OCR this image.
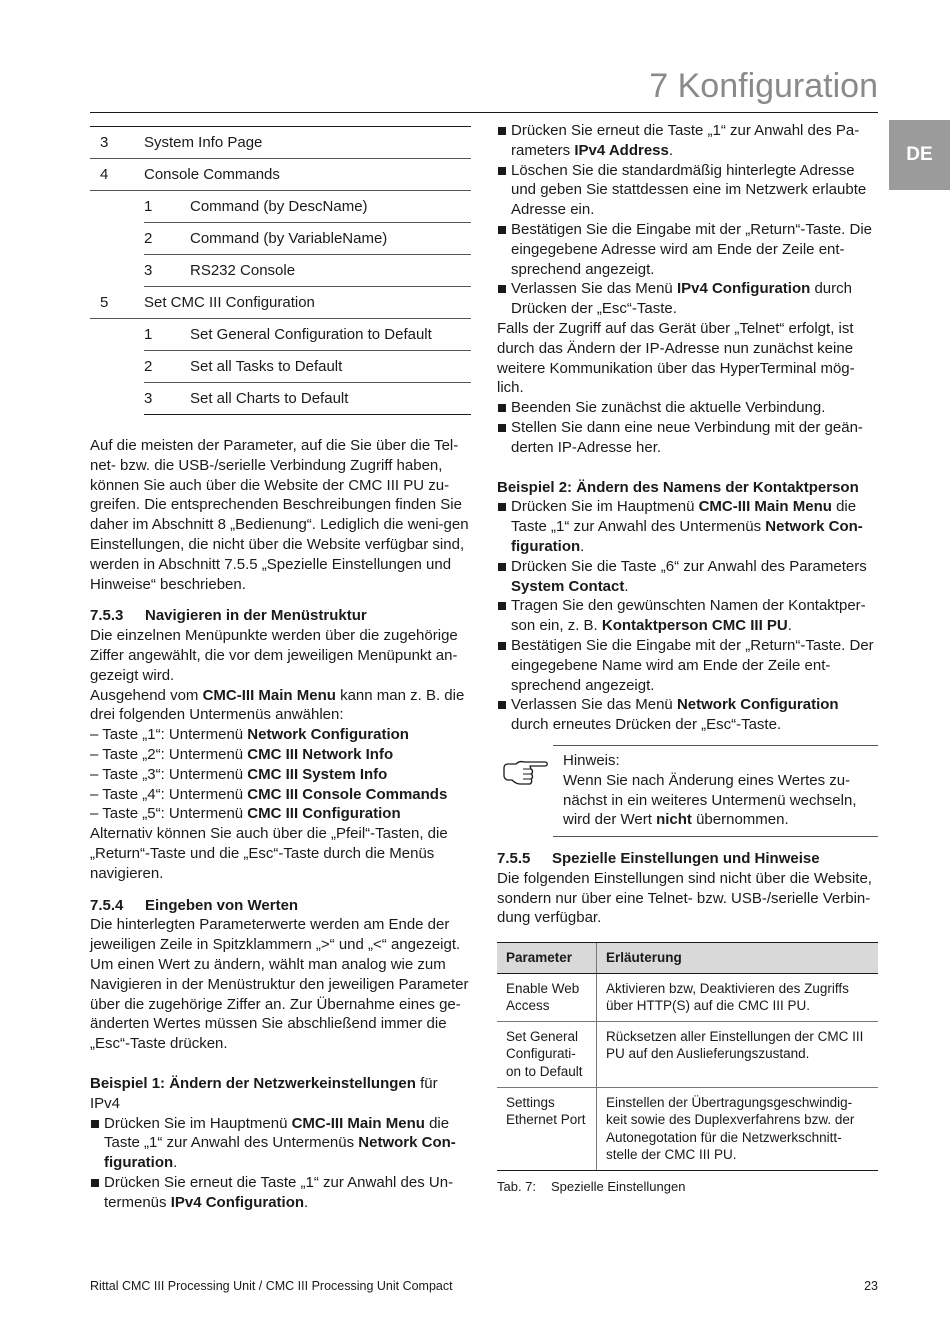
7 Konfiguration
DE
3 System Info Page
4 Console Commands
1	Command (by DescName)
2	Command (by VariableName)
3	RS232 Console
5 Set CMC III Configuration
1	Set General Configuration to Default
2	Set all Tasks to Default
3	Set all Charts to Default

Auf die meisten der Parameter, auf die Sie über die Tel-net- bzw. die USB-/serielle Verbindung Zugriff haben, können Sie auch über die Website der CMC III PU zu-greifen. Die entsprechenden Beschreibungen finden Sie daher im Abschnitt 8 „Bedienung“. Lediglich die weni-gen Einstellungen, die nicht über die Website verfügbar sind, werden in Abschnitt 7.5.5 „Spezielle Einstellungen und Hinweise“ beschrieben.

7.5.3 Navigieren in der Menüstruktur

Die einzelnen Menüpunkte werden über die zugehörige Ziffer angewählt, die vor dem jeweiligen Menüpunkt an-gezeigt wird.

Ausgehend vom CMC-III Main Menu kann man z. B. die drei folgenden Untermenüs anwählen:

– Taste „1“: Untermenü Network Configuration
– Taste „2“: Untermenü CMC III Network Info
– Taste „3“: Untermenü CMC III System Info
– Taste „4“: Untermenü CMC III Console Commands
– Taste „5“: Untermenü CMC III Configuration

Alternativ können Sie auch über die „Pfeil“-Tasten, die „Return“-Taste und die „Esc“-Taste durch die Menüs navigieren.

7.5.4 Eingeben von Werten

Die hinterlegten Parameterwerte werden am Ende der jeweiligen Zeile in Spitzklammern „>“ und „<“ angezeigt. Um einen Wert zu ändern, wählt man analog wie zum Navigieren in der Menüstruktur den jeweiligen Parameter über die zugehörige Ziffer an. Zur Übernahme eines ge-änderten Wertes müssen Sie abschließend immer die „Esc“-Taste drücken.

Beispiel 1: Ändern der Netzwerkeinstellungen für IPv4

Drücken Sie im Hauptmenü CMC-III Main Menu die Taste „1“ zur Anwahl des Untermenüs Network Con-figuration.
Drücken Sie erneut die Taste „1“ zur Anwahl des Un-termenüs IPv4 Configuration.
Drücken Sie erneut die Taste „1“ zur Anwahl des Pa-rameters IPv4 Address.
Löschen Sie die standardmäßig hinterlegte Adresse und geben Sie stattdessen eine im Netzwerk erlaubte Adresse ein.
Bestätigen Sie die Eingabe mit der „Return“-Taste. Die eingegebene Adresse wird am Ende der Zeile ent-sprechend angezeigt.
Verlassen Sie das Menü IPv4 Configuration durch Drücken der „Esc“-Taste.

Falls der Zugriff auf das Gerät über „Telnet“ erfolgt, ist durch das Ändern der IP-Adresse nun zunächst keine weitere Kommunikation über das HyperTerminal mög-lich.

Beenden Sie zunächst die aktuelle Verbindung.
Stellen Sie dann eine neue Verbindung mit der geän-derten IP-Adresse her.
Beispiel 2: Ändern des Namens der Kontaktperson
Drücken Sie im Hauptmenü CMC-III Main Menu die Taste „1“ zur Anwahl des Untermenüs Network Con-figuration.
Drücken Sie die Taste „6“ zur Anwahl des Parameters System Contact.
Tragen Sie den gewünschten Namen der Kontaktper-son ein, z. B. Kontaktperson CMC III PU.
Bestätigen Sie die Eingabe mit der „Return“-Taste. Der eingegebene Name wird am Ende der Zeile ent-sprechend angezeigt.
Verlassen Sie das Menü Network Configuration durch erneutes Drücken der „Esc“-Taste.
Hinweis:
Wenn Sie nach Änderung eines Wertes zu-nächst in ein weiteres Untermenü wechseln, wird der Wert nicht übernommen.
7.5.5 Spezielle Einstellungen und Hinweise

Die folgenden Einstellungen sind nicht über die Website, sondern nur über eine Telnet- bzw. USB-/serielle Verbin-dung verfügbar.

Parameter	Erläuterung
Enable Web Access	Aktivieren bzw, Deaktivieren des Zugriffs über HTTP(S) auf die CMC III PU.
Set General Configurati-on to Default	Rücksetzen aller Einstellungen der CMC III PU auf den Auslieferungszustand.
Settings Ethernet Port	Einstellen der Übertragungsgeschwindig-keit sowie des Duplexverfahrens bzw. der Autonegotation für die Netzwerkschnitt-stelle der CMC III PU.
Tab. 7: Spezielle Einstellungen
Rittal CMC III Processing Unit / CMC III Processing Unit Compact	23
